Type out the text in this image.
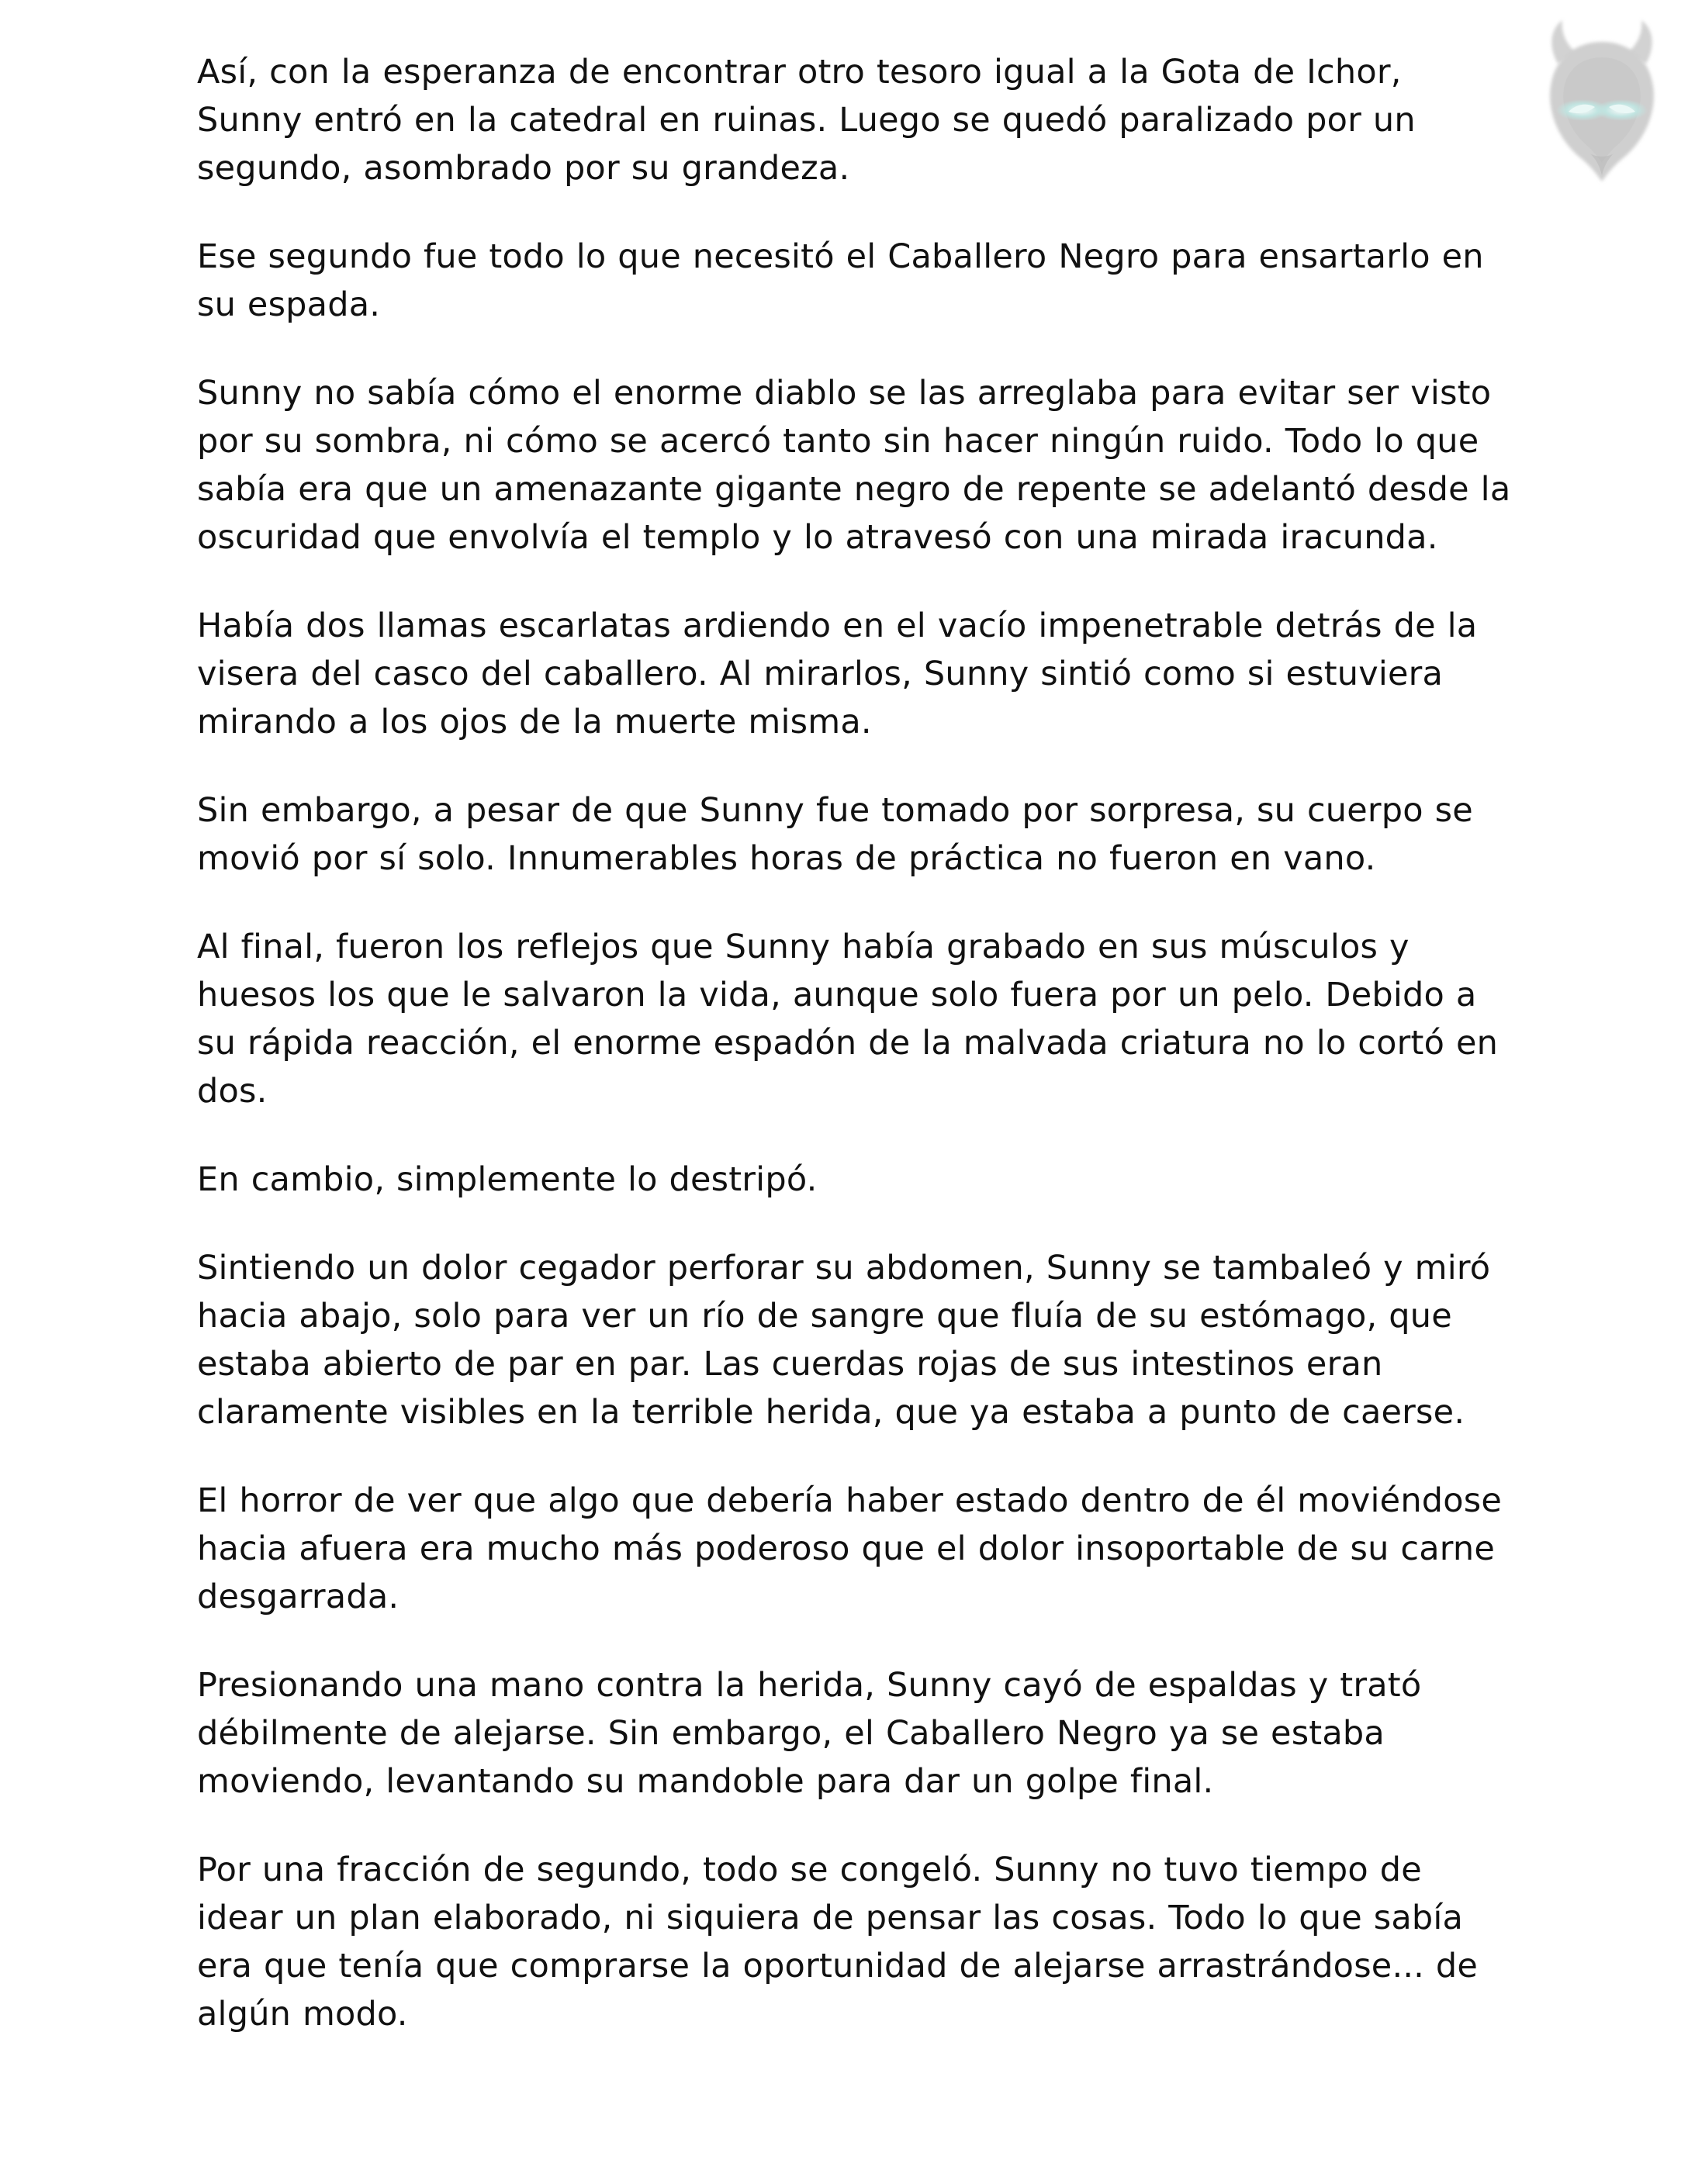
Así, con la esperanza de encontrar otro tesoro igual a la Gota de Ichor, Sunny entró en la catedral en ruinas. Luego se quedó paralizado por un segundo, asombrado por su grandeza.

Ese segundo fue todo lo que necesitó el Caballero Negro para ensartarlo en su espada.

Sunny no sabía cómo el enorme diablo se las arreglaba para evitar ser visto por su sombra, ni cómo se acercó tanto sin hacer ningún ruido. Todo lo que sabía era que un amenazante gigante negro de repente se adelantó desde la oscuridad que envolvía el templo y lo atravesó con una mirada iracunda.

Había dos llamas escarlatas ardiendo en el vacío impenetrable detrás de la visera del casco del caballero. Al mirarlos, Sunny sintió como si estuviera mirando a los ojos de la muerte misma.

Sin embargo, a pesar de que Sunny fue tomado por sorpresa, su cuerpo se movió por sí solo. Innumerables horas de práctica no fueron en vano.

Al final, fueron los reflejos que Sunny había grabado en sus músculos y huesos los que le salvaron la vida, aunque solo fuera por un pelo. Debido a su rápida reacción, el enorme espadón de la malvada criatura no lo cortó en dos.

En cambio, simplemente lo destripó.

Sintiendo un dolor cegador perforar su abdomen, Sunny se tambaleó y miró hacia abajo, solo para ver un río de sangre que fluía de su estómago, que estaba abierto de par en par. Las cuerdas rojas de sus intestinos eran claramente visibles en la terrible herida, que ya estaba a punto de caerse.

El horror de ver que algo que debería haber estado dentro de él moviéndose hacia afuera era mucho más poderoso que el dolor insoportable de su carne desgarrada.

Presionando una mano contra la herida, Sunny cayó de espaldas y trató débilmente de alejarse. Sin embargo, el Caballero Negro ya se estaba moviendo, levantando su mandoble para dar un golpe final.

Por una fracción de segundo, todo se congeló. Sunny no tuvo tiempo de idear un plan elaborado, ni siquiera de pensar las cosas. Todo lo que sabía era que tenía que comprarse la oportunidad de alejarse arrastrándose... de algún modo.
